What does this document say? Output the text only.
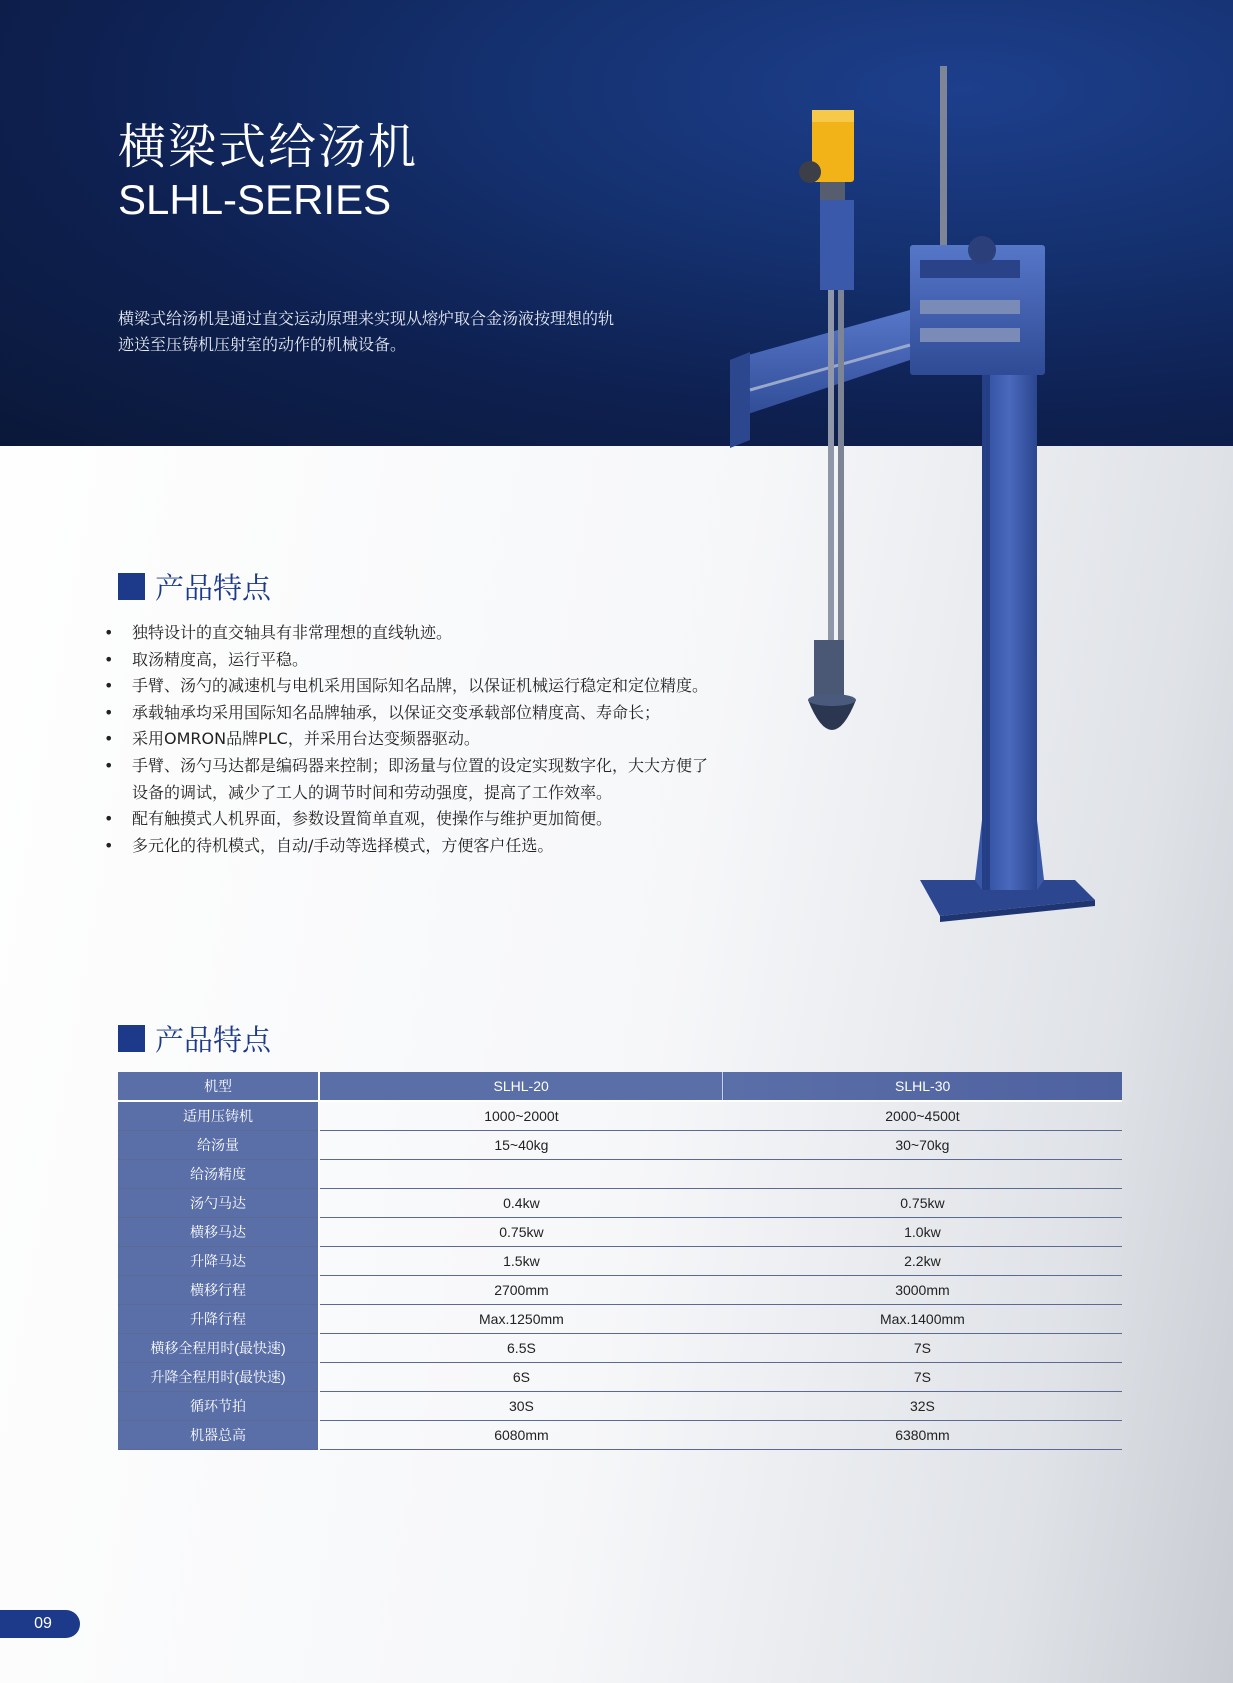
横梁式给汤机
SLHL-SERIES
横梁式给汤机是通过直交运动原理来实现从熔炉取合金汤液按理想的轨迹送至压铸机压射室的动作的机械设备。
产品特点
•	独特设计的直交轴具有非常理想的直线轨迹。
•	取汤精度高，运行平稳。
•	手臂、汤勺的减速机与电机采用国际知名品牌，以保证机械运行稳定和定位精度。
•	承载轴承均采用国际知名品牌轴承，以保证交变承载部位精度高、寿命长；
•	采用OMRON品牌PLC，并采用台达变频器驱动。
•	手臂、汤勺马达都是编码器来控制；即汤量与位置的设定实现数字化，大大方便了
设备的调试，减少了工人的调节时间和劳动强度，提高了工作效率。
•	配有触摸式人机界面，参数设置简单直观，使操作与维护更加简便。
•	多元化的待机模式，自动/手动等选择模式，方便客户任选。
产品特点
机型	SLHL-20	SLHL-30
适用压铸机	1000~2000t	2000~4500t
给汤量	15~40kg	30~70kg
给汤精度		
汤勺马达	0.4kw	0.75kw
横移马达	0.75kw	1.0kw
升降马达	1.5kw	2.2kw
横移行程	2700mm	3000mm
升降行程	Max.1250mm	Max.1400mm
横移全程用时(最快速)	6.5S	7S
升降全程用时(最快速)	6S	7S
循环节拍	30S	32S
机器总高	6080mm	6380mm
09
